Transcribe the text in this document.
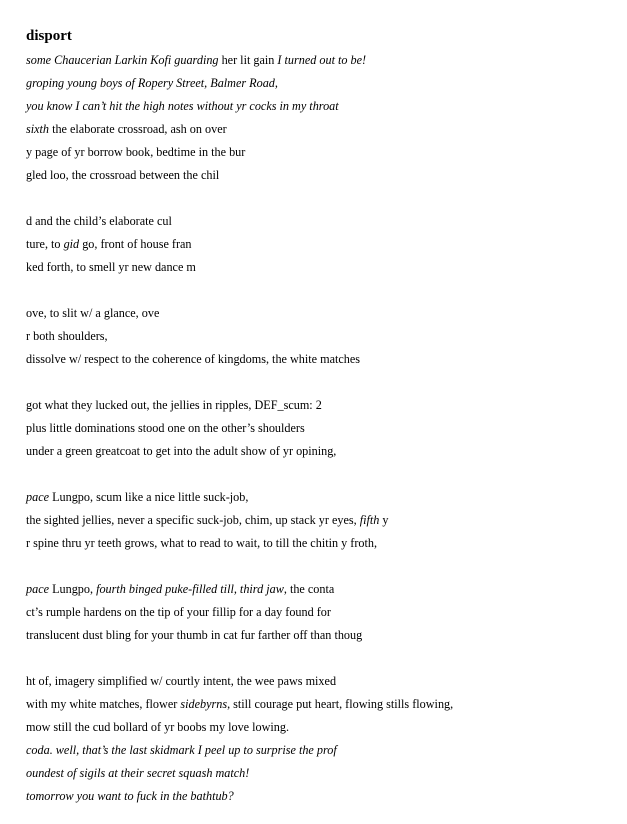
disport
some Chaucerian Larkin Kofi guarding her lit gain I turned out to be!
groping young boys of Ropery Street, Balmer Road,
you know I can’t hit the high notes without yr cocks in my throat
sixth the elaborate crossroad, ash on over
y page of yr borrow book, bedtime in the bur
gled loo, the crossroad between the chil
d and the child’s elaborate cul
ture, to gid go, front of house fran
ked forth, to smell yr new dance m
ove, to slit w/ a glance, ove
r both shoulders,
dissolve w/ respect to the coherence of kingdoms, the white matches
got what they lucked out, the jellies in ripples, DEF_scum: 2
plus little dominations stood one on the other’s shoulders
under a green greatcoat to get into the adult show of yr opining,
pace Lungpo, scum like a nice little suck-job,
the sighted jellies, never a specific suck-job, chim, up stack yr eyes, fifth y
r spine thru yr teeth grows, what to read to wait, to till the chitin y froth,
pace Lungpo, fourth binged puke-filled till, third jaw, the conta
ct’s rumple hardens on the tip of your fillip for a day found for
translucent dust bling for your thumb in cat fur farther off than thoug
ht of, imagery simplified w/ courtly intent, the wee paws mixed
with my white matches, flower sidebyrns, still courage put heart, flowing stills flowing,
mow still the cud bollard of yr boobs my love lowing.
coda. well, that’s the last skidmark I peel up to surprise the prof
oundest of sigils at their secret squash match!
tomorrow you want to fuck in the bathtub?
